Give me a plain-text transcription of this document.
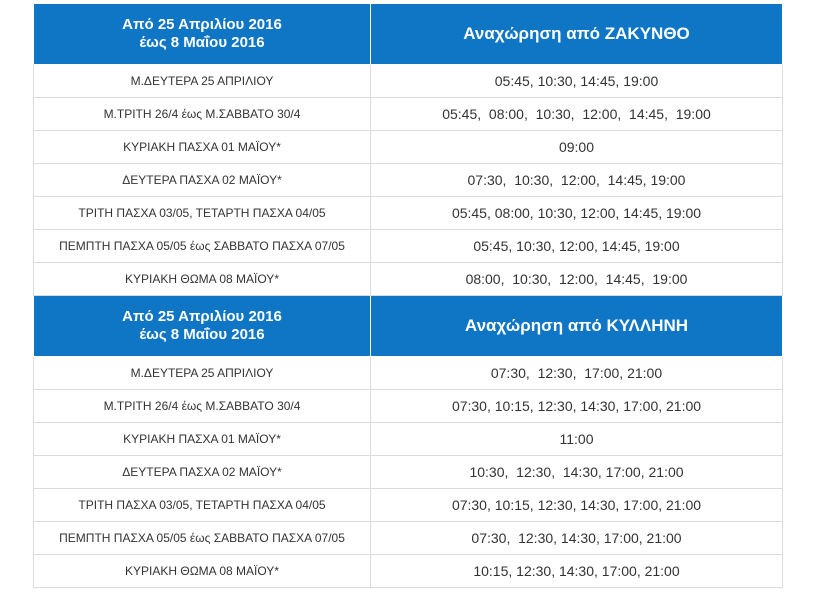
Από 25 Απριλίου 2016
έως 8 Μαΐου 2016	Αναχώρηση από ΖΑΚΥΝΘΟ
Μ.ΔΕΥΤΕΡΑ 25 ΑΠΡΙΛΙΟΥ	05:45, 10:30, 14:45, 19:00
Μ.ΤΡΙΤΗ 26/4 έως Μ.ΣΑΒΒΑΤΟ 30/4	05:45,  08:00,  10:30,  12:00,  14:45,  19:00
ΚΥΡΙΑΚΗ ΠΑΣΧΑ 01 ΜΑΪΟΥ*	09:00
ΔΕΥΤΕΡΑ ΠΑΣΧΑ 02 ΜΑΪΟΥ*	07:30,  10:30,  12:00,  14:45, 19:00
ΤΡΙΤΗ ΠΑΣΧΑ 03/05, ΤΕΤΑΡΤΗ ΠΑΣΧΑ 04/05	05:45, 08:00, 10:30, 12:00, 14:45, 19:00
ΠΕΜΠΤΗ ΠΑΣΧΑ 05/05 έως ΣΑΒΒΑΤΟ ΠΑΣΧΑ 07/05	05:45, 10:30, 12:00, 14:45, 19:00
ΚΥΡΙΑΚΗ ΘΩΜΑ 08 ΜΑΪΟΥ*	08:00,  10:30,  12:00,  14:45,  19:00

Από 25 Απριλίου 2016
έως 8 Μαΐου 2016	Αναχώρηση από ΚΥΛΛΗΝΗ
Μ.ΔΕΥΤΕΡΑ 25 ΑΠΡΙΛΙΟΥ	07:30,  12:30,  17:00, 21:00
Μ.ΤΡΙΤΗ 26/4 έως Μ.ΣΑΒΒΑΤΟ 30/4	07:30, 10:15, 12:30, 14:30, 17:00, 21:00
ΚΥΡΙΑΚΗ ΠΑΣΧΑ 01 ΜΑΪΟΥ*	11:00
ΔΕΥΤΕΡΑ ΠΑΣΧΑ 02 ΜΑΪΟΥ*	10:30,  12:30,  14:30, 17:00, 21:00
ΤΡΙΤΗ ΠΑΣΧΑ 03/05, ΤΕΤΑΡΤΗ ΠΑΣΧΑ 04/05	07:30, 10:15, 12:30, 14:30, 17:00, 21:00
ΠΕΜΠΤΗ ΠΑΣΧΑ 05/05 έως ΣΑΒΒΑΤΟ ΠΑΣΧΑ 07/05	07:30,  12:30, 14:30, 17:00, 21:00
ΚΥΡΙΑΚΗ ΘΩΜΑ 08 ΜΑΪΟΥ*	10:15, 12:30, 14:30, 17:00, 21:00
